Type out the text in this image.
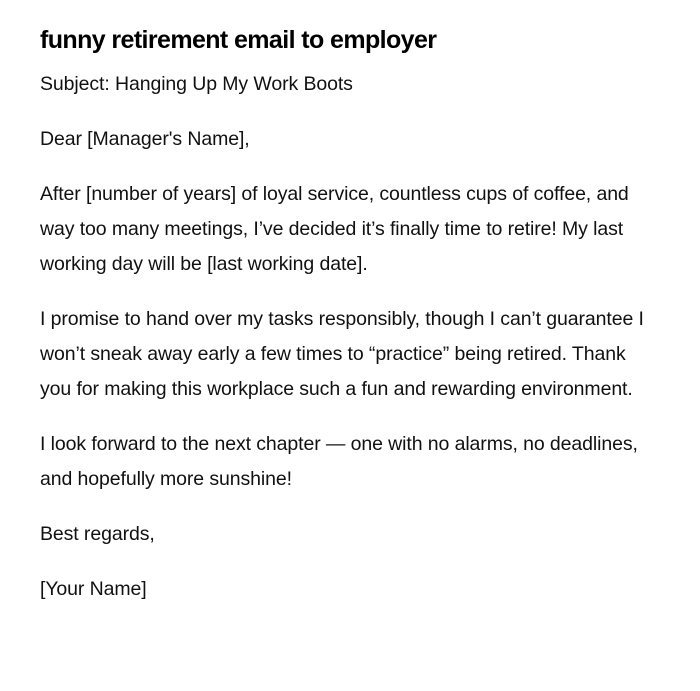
funny retirement email to employer

Subject: Hanging Up My Work Boots

Dear [Manager's Name],

After [number of years] of loyal service, countless cups of coffee, and way too many meetings, I’ve decided it’s finally time to retire! My last working day will be [last working date].

I promise to hand over my tasks responsibly, though I can’t guarantee I won’t sneak away early a few times to “practice” being retired. Thank you for making this workplace such a fun and rewarding environment.

I look forward to the next chapter — one with no alarms, no deadlines, and hopefully more sunshine!

Best regards,

[Your Name]
